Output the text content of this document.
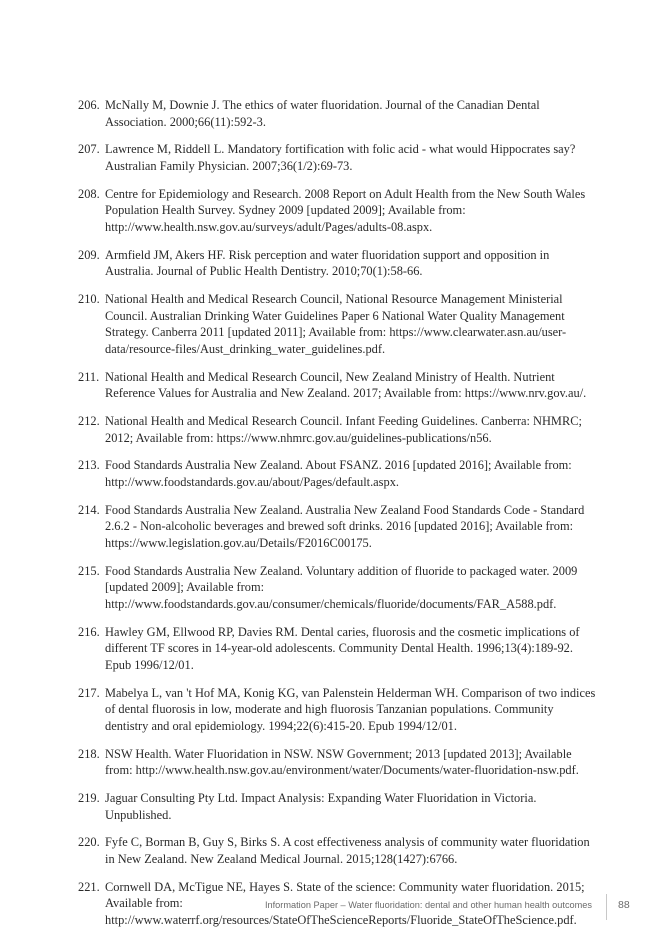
206. McNally M, Downie J. The ethics of water fluoridation. Journal of the Canadian Dental Association. 2000;66(11):592-3.
207. Lawrence M, Riddell L. Mandatory fortification with folic acid - what would Hippocrates say? Australian Family Physician. 2007;36(1/2):69-73.
208. Centre for Epidemiology and Research. 2008 Report on Adult Health from the New South Wales Population Health Survey. Sydney 2009 [updated 2009]; Available from: http://www.health.nsw.gov.au/surveys/adult/Pages/adults-08.aspx.
209. Armfield JM, Akers HF. Risk perception and water fluoridation support and opposition in Australia. Journal of Public Health Dentistry. 2010;70(1):58-66.
210. National Health and Medical Research Council, National Resource Management Ministerial Council. Australian Drinking Water Guidelines Paper 6 National Water Quality Management Strategy. Canberra 2011 [updated 2011]; Available from: https://www.clearwater.asn.au/user-data/resource-files/Aust_drinking_water_guidelines.pdf.
211. National Health and Medical Research Council, New Zealand Ministry of Health. Nutrient Reference Values for Australia and New Zealand. 2017; Available from: https://www.nrv.gov.au/.
212. National Health and Medical Research Council. Infant Feeding Guidelines. Canberra: NHMRC; 2012; Available from: https://www.nhmrc.gov.au/guidelines-publications/n56.
213. Food Standards Australia New Zealand. About FSANZ. 2016 [updated 2016]; Available from: http://www.foodstandards.gov.au/about/Pages/default.aspx.
214. Food Standards Australia New Zealand. Australia New Zealand Food Standards Code - Standard 2.6.2 - Non-alcoholic beverages and brewed soft drinks. 2016 [updated 2016]; Available from: https://www.legislation.gov.au/Details/F2016C00175.
215. Food Standards Australia New Zealand. Voluntary addition of fluoride to packaged water. 2009 [updated 2009]; Available from: http://www.foodstandards.gov.au/consumer/chemicals/fluoride/documents/FAR_A588.pdf.
216. Hawley GM, Ellwood RP, Davies RM. Dental caries, fluorosis and the cosmetic implications of different TF scores in 14-year-old adolescents. Community Dental Health. 1996;13(4):189-92. Epub 1996/12/01.
217. Mabelya L, van 't Hof MA, Konig KG, van Palenstein Helderman WH. Comparison of two indices of dental fluorosis in low, moderate and high fluorosis Tanzanian populations. Community dentistry and oral epidemiology. 1994;22(6):415-20. Epub 1994/12/01.
218. NSW Health. Water Fluoridation in NSW. NSW Government; 2013 [updated 2013]; Available from: http://www.health.nsw.gov.au/environment/water/Documents/water-fluoridation-nsw.pdf.
219. Jaguar Consulting Pty Ltd. Impact Analysis: Expanding Water Fluoridation in Victoria. Unpublished.
220. Fyfe C, Borman B, Guy S, Birks S. A cost effectiveness analysis of community water fluoridation in New Zealand. New Zealand Medical Journal. 2015;128(1427):6766.
221. Cornwell DA, McTigue NE, Hayes S. State of the science: Community water fluoridation. 2015; Available from: http://www.waterrf.org/resources/StateOfTheScienceReports/Fluoride_StateOfTheScience.pdf.
Information Paper – Water fluoridation: dental and other human health outcomes 88
